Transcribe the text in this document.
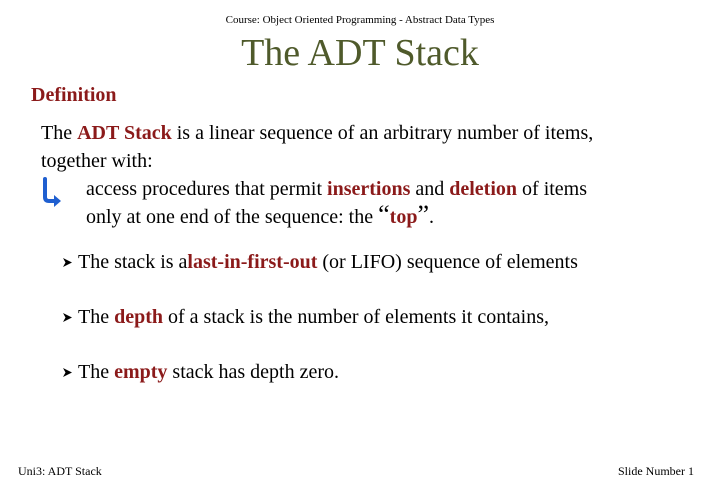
Course: Object Oriented Programming - Abstract Data Types
The ADT Stack
Definition
The ADT Stack is a linear sequence of an arbitrary number of items,
together with:
access procedures that permit insertions and deletion of items
only at one end of the sequence: the “top”.
The stack is a last-in-first-out (or LIFO) sequence of elements
The depth of a stack is the number of elements it contains,
The empty stack has depth zero.
Uni3: ADT Stack	Slide Number 1
